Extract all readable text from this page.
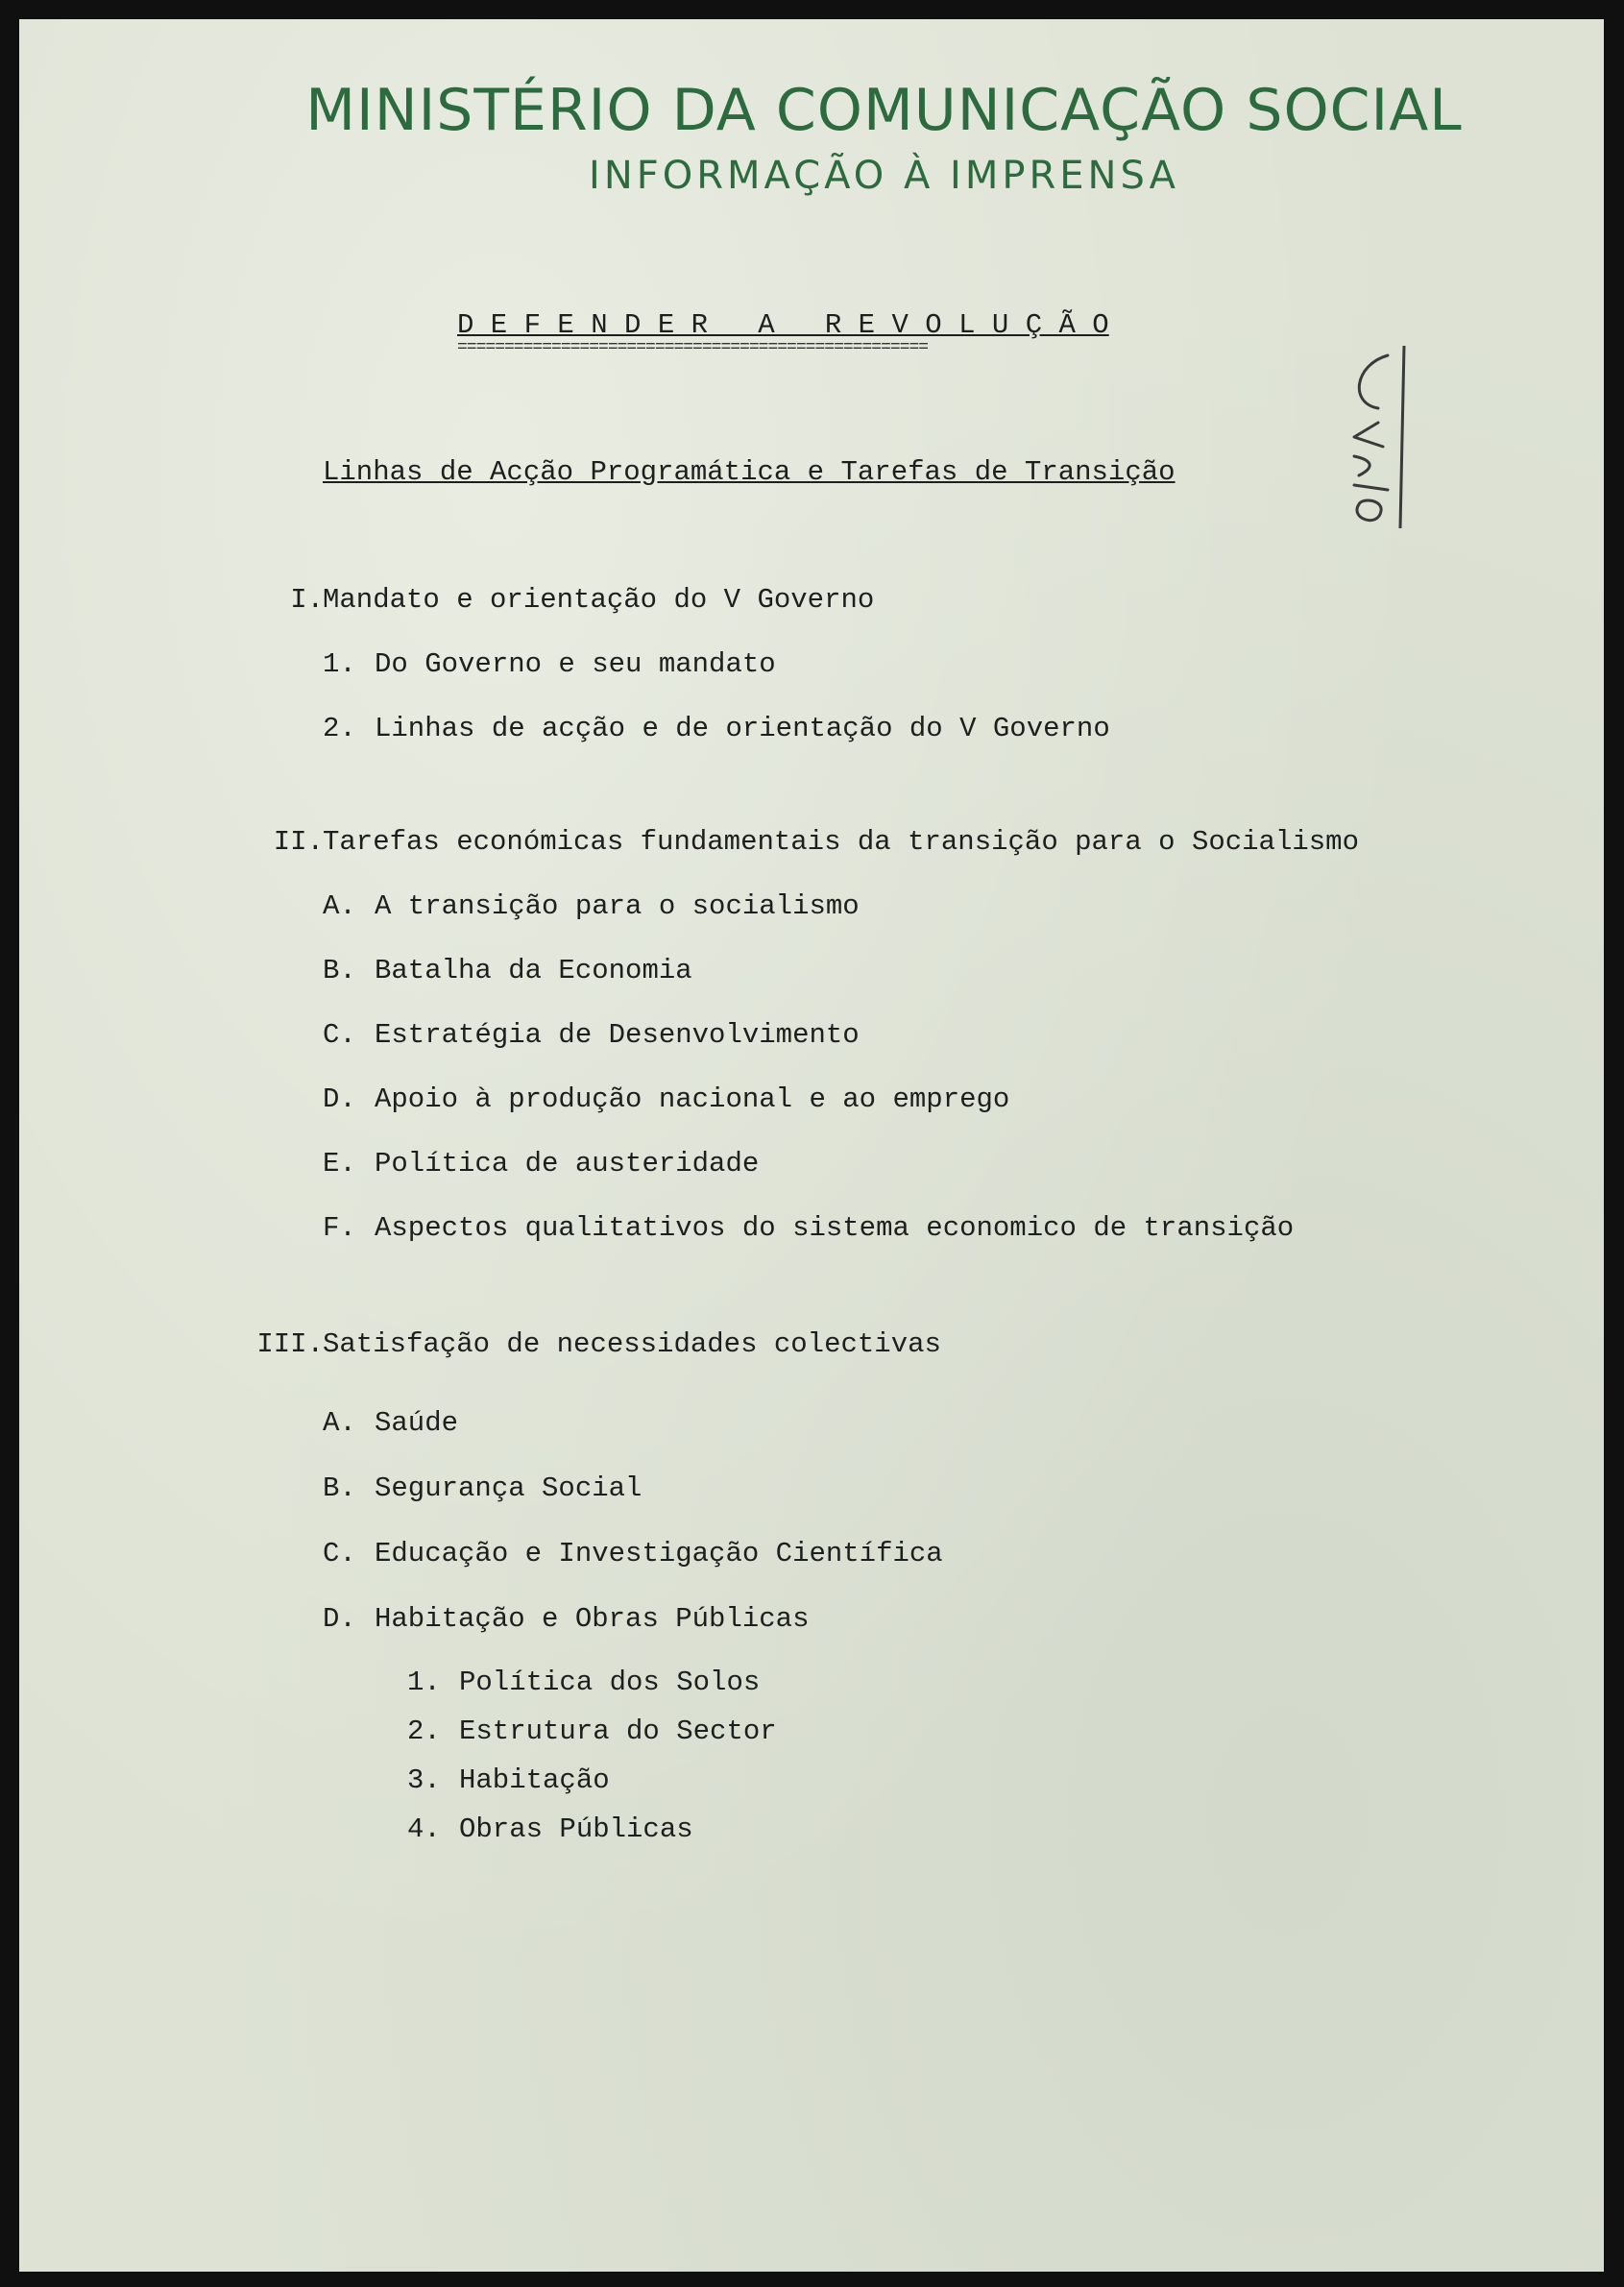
MINISTÉRIO DA COMUNICAÇÃO SOCIAL
INFORMAÇÃO À IMPRENSA
D E F E N D E R   A   R E V O L U Ç Ã O
==================================================
Linhas de Acção Programática e Tarefas de Transição
I. Mandato e orientação do V Governo
1. Do Governo e seu mandato
2. Linhas de acção e de orientação do V Governo
II. Tarefas económicas fundamentais da transição para o Socialismo
A. A transição para o socialismo
B. Batalha da Economia
C. Estratégia de Desenvolvimento
D. Apoio à produção nacional e ao emprego
E. Política de austeridade
F. Aspectos qualitativos do sistema economico de transição
III. Satisfação de necessidades colectivas
A. Saúde
B. Segurança Social
C. Educação e Investigação Científica
D. Habitação e Obras Públicas
1. Política dos Solos
2. Estrutura do Sector
3. Habitação
4. Obras Públicas
